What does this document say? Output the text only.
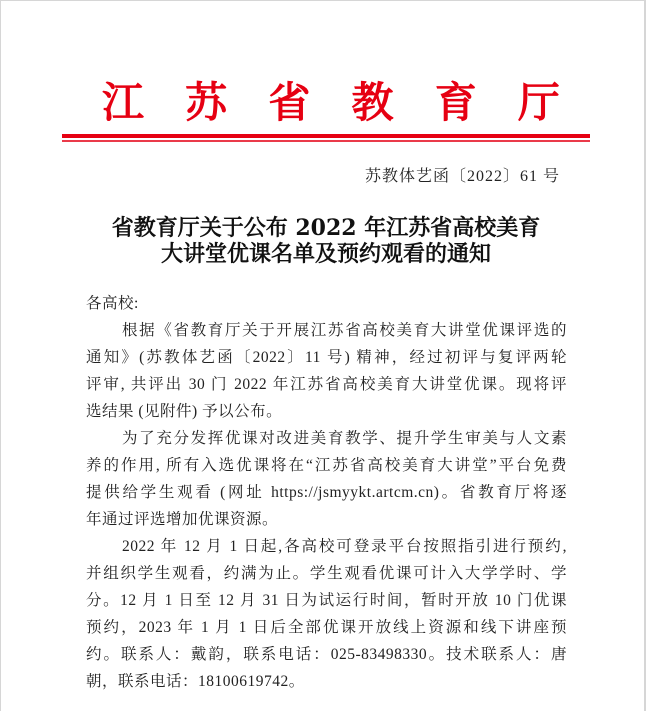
江 苏 省 教 育 厅
苏教体艺函〔2022〕61 号
省教育厅关于公布 2022 年江苏省高校美育
大讲堂优课名单及预约观看的通知
各高校:
根据《省教育厅关于开展江苏省高校美育大讲堂优课评选的
通知》(苏教体艺函〔2022〕11 号) 精神，经过初评与复评两轮
评审, 共评出 30 门 2022 年江苏省高校美育大讲堂优课。现将评
选结果 (见附件) 予以公布。
为了充分发挥优课对改进美育教学、提升学生审美与人文素
养的作用, 所有入选优课将在“江苏省高校美育大讲堂”平台免费
提供给学生观看 (网址 https://jsmyykt.artcm.cn)。省教育厅将逐
年通过评选增加优课资源。
2022 年 12 月 1 日起,各高校可登录平台按照指引进行预约,
并组织学生观看，约满为止。学生观看优课可计入大学学时、学
分。12 月 1 日至 12 月 31 日为试运行时间，暂时开放 10 门优课
预约，2023 年 1 月 1 日后全部优课开放线上资源和线下讲座预
约。联系人：戴韵，联系电话：025-83498330。技术联系人：唐
朝，联系电话：18100619742。
